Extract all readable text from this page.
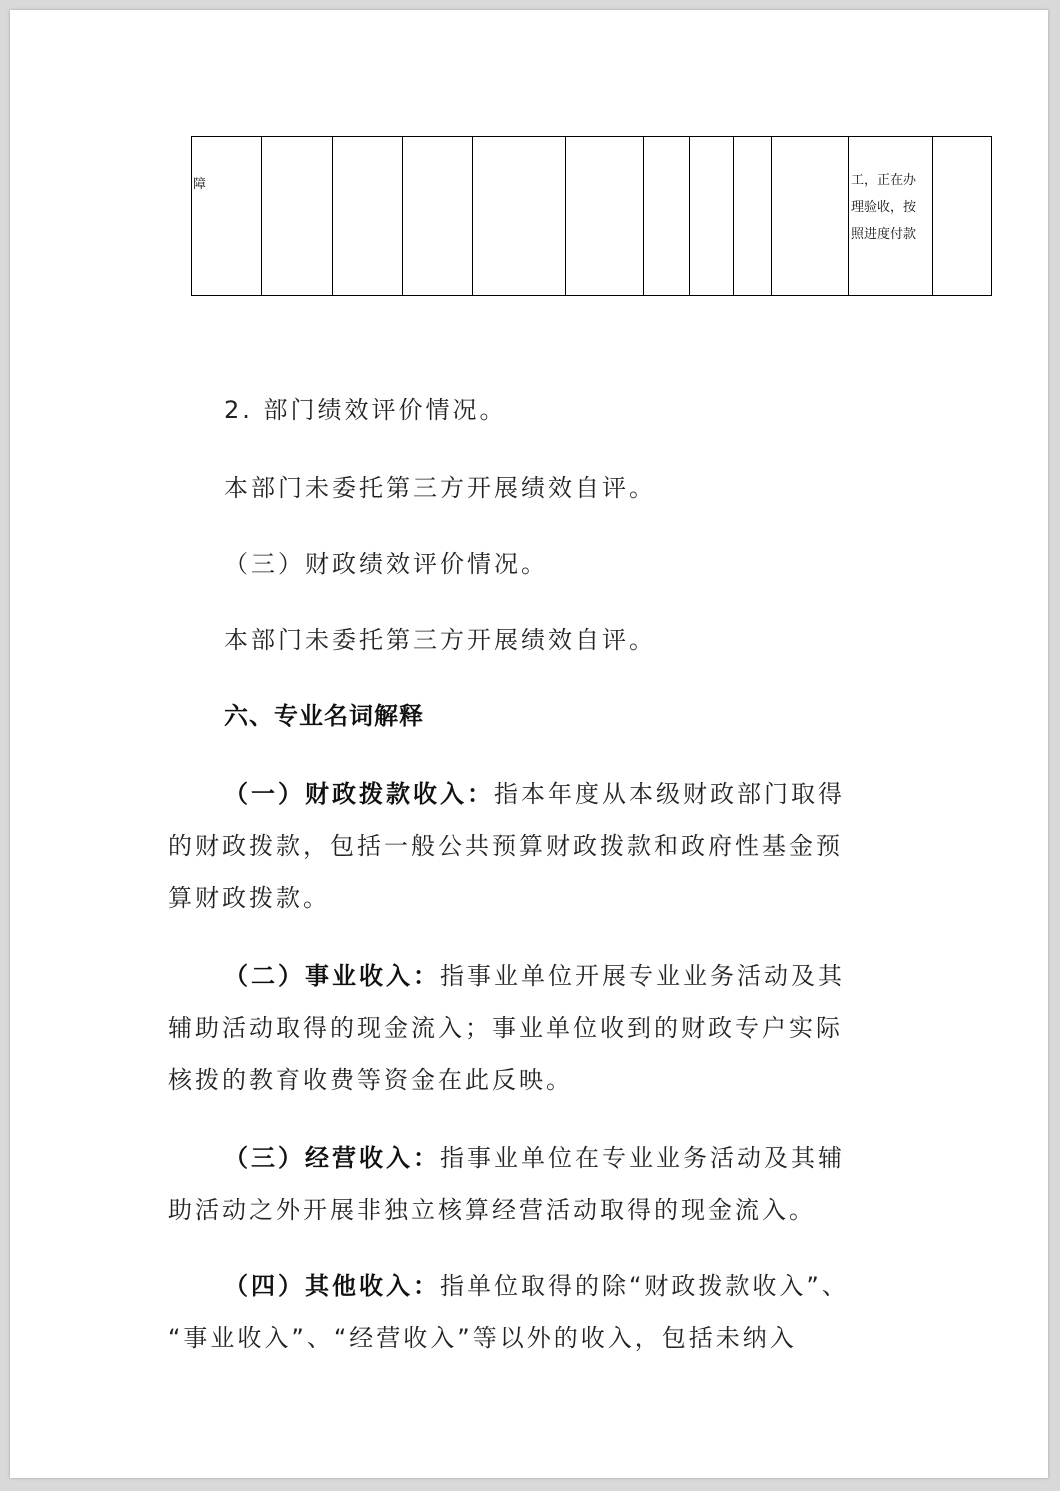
障										工，正在办
理验收，按
照进度付款

2. 部门绩效评价情况。
本部门未委托第三方开展绩效自评。
（三）财政绩效评价情况。
本部门未委托第三方开展绩效自评。
六、专业名词解释
（一）财政拨款收入：指本年度从本级财政部门取得
的财政拨款，包括一般公共预算财政拨款和政府性基金预
算财政拨款。
（二）事业收入：指事业单位开展专业业务活动及其
辅助活动取得的现金流入；事业单位收到的财政专户实际
核拨的教育收费等资金在此反映。
（三）经营收入：指事业单位在专业业务活动及其辅
助活动之外开展非独立核算经营活动取得的现金流入。
（四）其他收入：指单位取得的除“财政拨款收入”、
“事业收入”、“经营收入”等以外的收入，包括未纳入
